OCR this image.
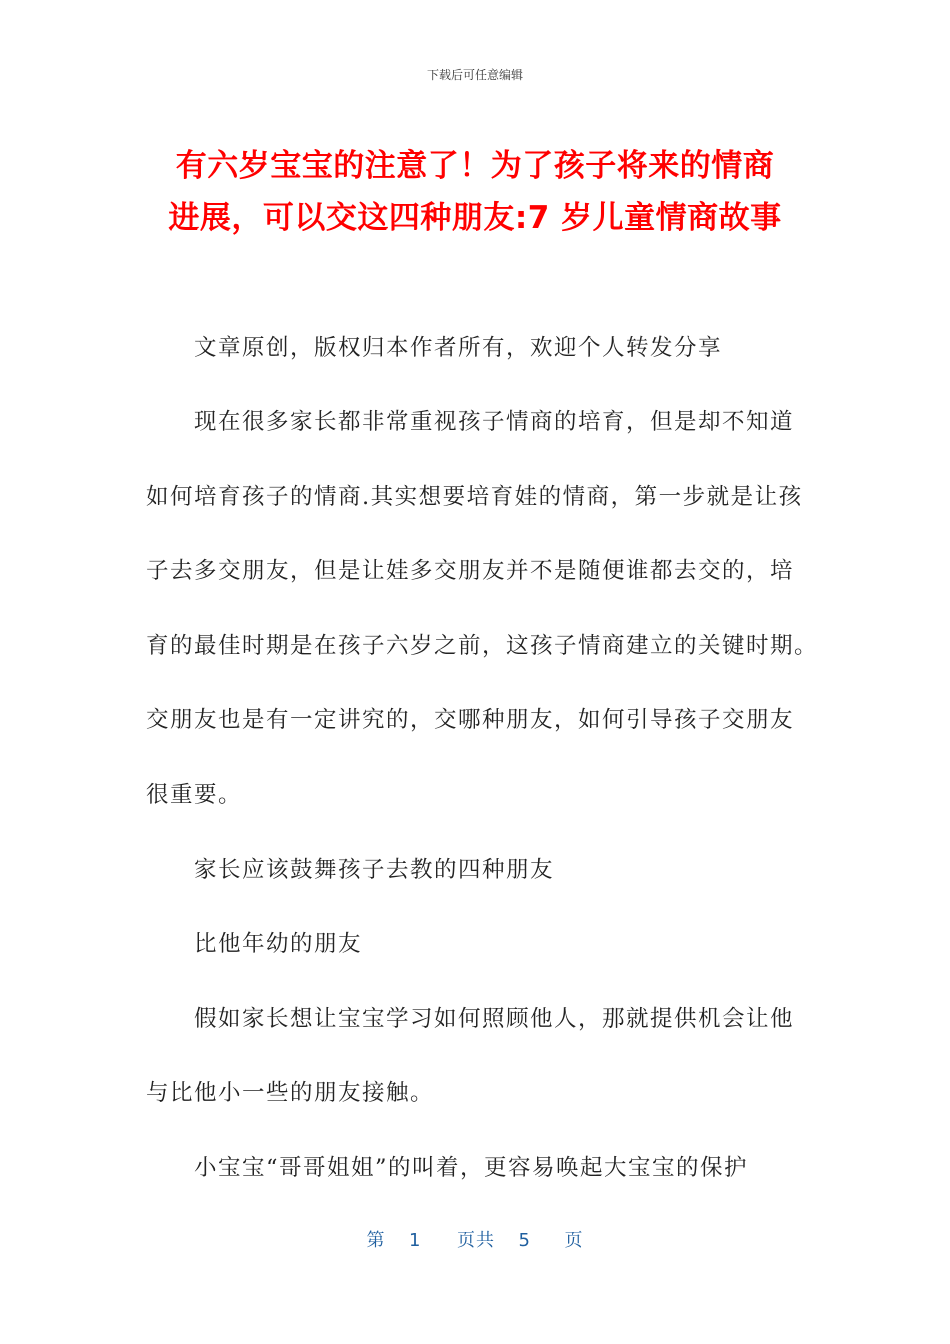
下载后可任意编辑
有六岁宝宝的注意了！为了孩子将来的情商
进展，可以交这四种朋友:7 岁儿童情商故事
文章原创，版权归本作者所有，欢迎个人转发分享
现在很多家长都非常重视孩子情商的培育，但是却不知道
如何培育孩子的情商.其实想要培育娃的情商，第一步就是让孩
子去多交朋友，但是让娃多交朋友并不是随便谁都去交的，培
育的最佳时期是在孩子六岁之前，这孩子情商建立的关键时期。
交朋友也是有一定讲究的，交哪种朋友，如何引导孩子交朋友
很重要。
家长应该鼓舞孩子去教的四种朋友
比他年幼的朋友
假如家长想让宝宝学习如何照顾他人，那就提供机会让他
与比他小一些的朋友接触。
小宝宝“哥哥姐姐”的叫着，更容易唤起大宝宝的保护
第 1 页共 5 页
